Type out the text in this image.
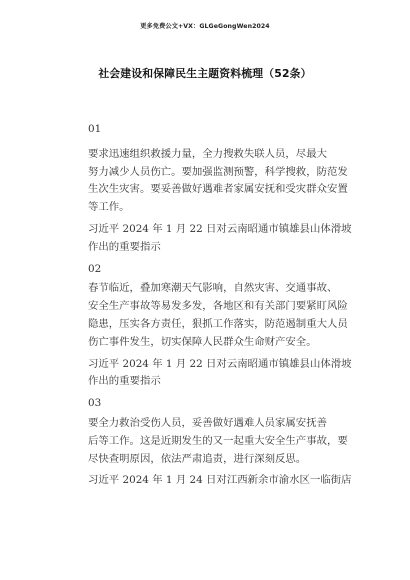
更多免费公文+VX：GLGeGongWen2024
社会建设和保障民生主题资料梳理（52条）

01

要求迅速组织救援力量，全力搜救失联人员，尽最大
努力减少人员伤亡。要加强监测预警，科学搜救，防范发
生次生灾害。要妥善做好遇难者家属安抚和受灾群众安置
等工作。

习近平 2024 年 1 月 22 日对云南昭通市镇雄县山体滑坡
作出的重要指示

02

春节临近，叠加寒潮天气影响，自然灾害、交通事故、
安全生产事故等易发多发，各地区和有关部门要紧盯风险
隐患，压实各方责任，狠抓工作落实，防范遏制重大人员
伤亡事件发生，切实保障人民群众生命财产安全。

习近平 2024 年 1 月 22 日对云南昭通市镇雄县山体滑坡
作出的重要指示

03

要全力救治受伤人员，妥善做好遇难人员家属安抚善
后等工作。这是近期发生的又一起重大安全生产事故，要
尽快查明原因，依法严肃追责，进行深刻反思。

习近平 2024 年 1 月 24 日对江西新余市渝水区一临街店
